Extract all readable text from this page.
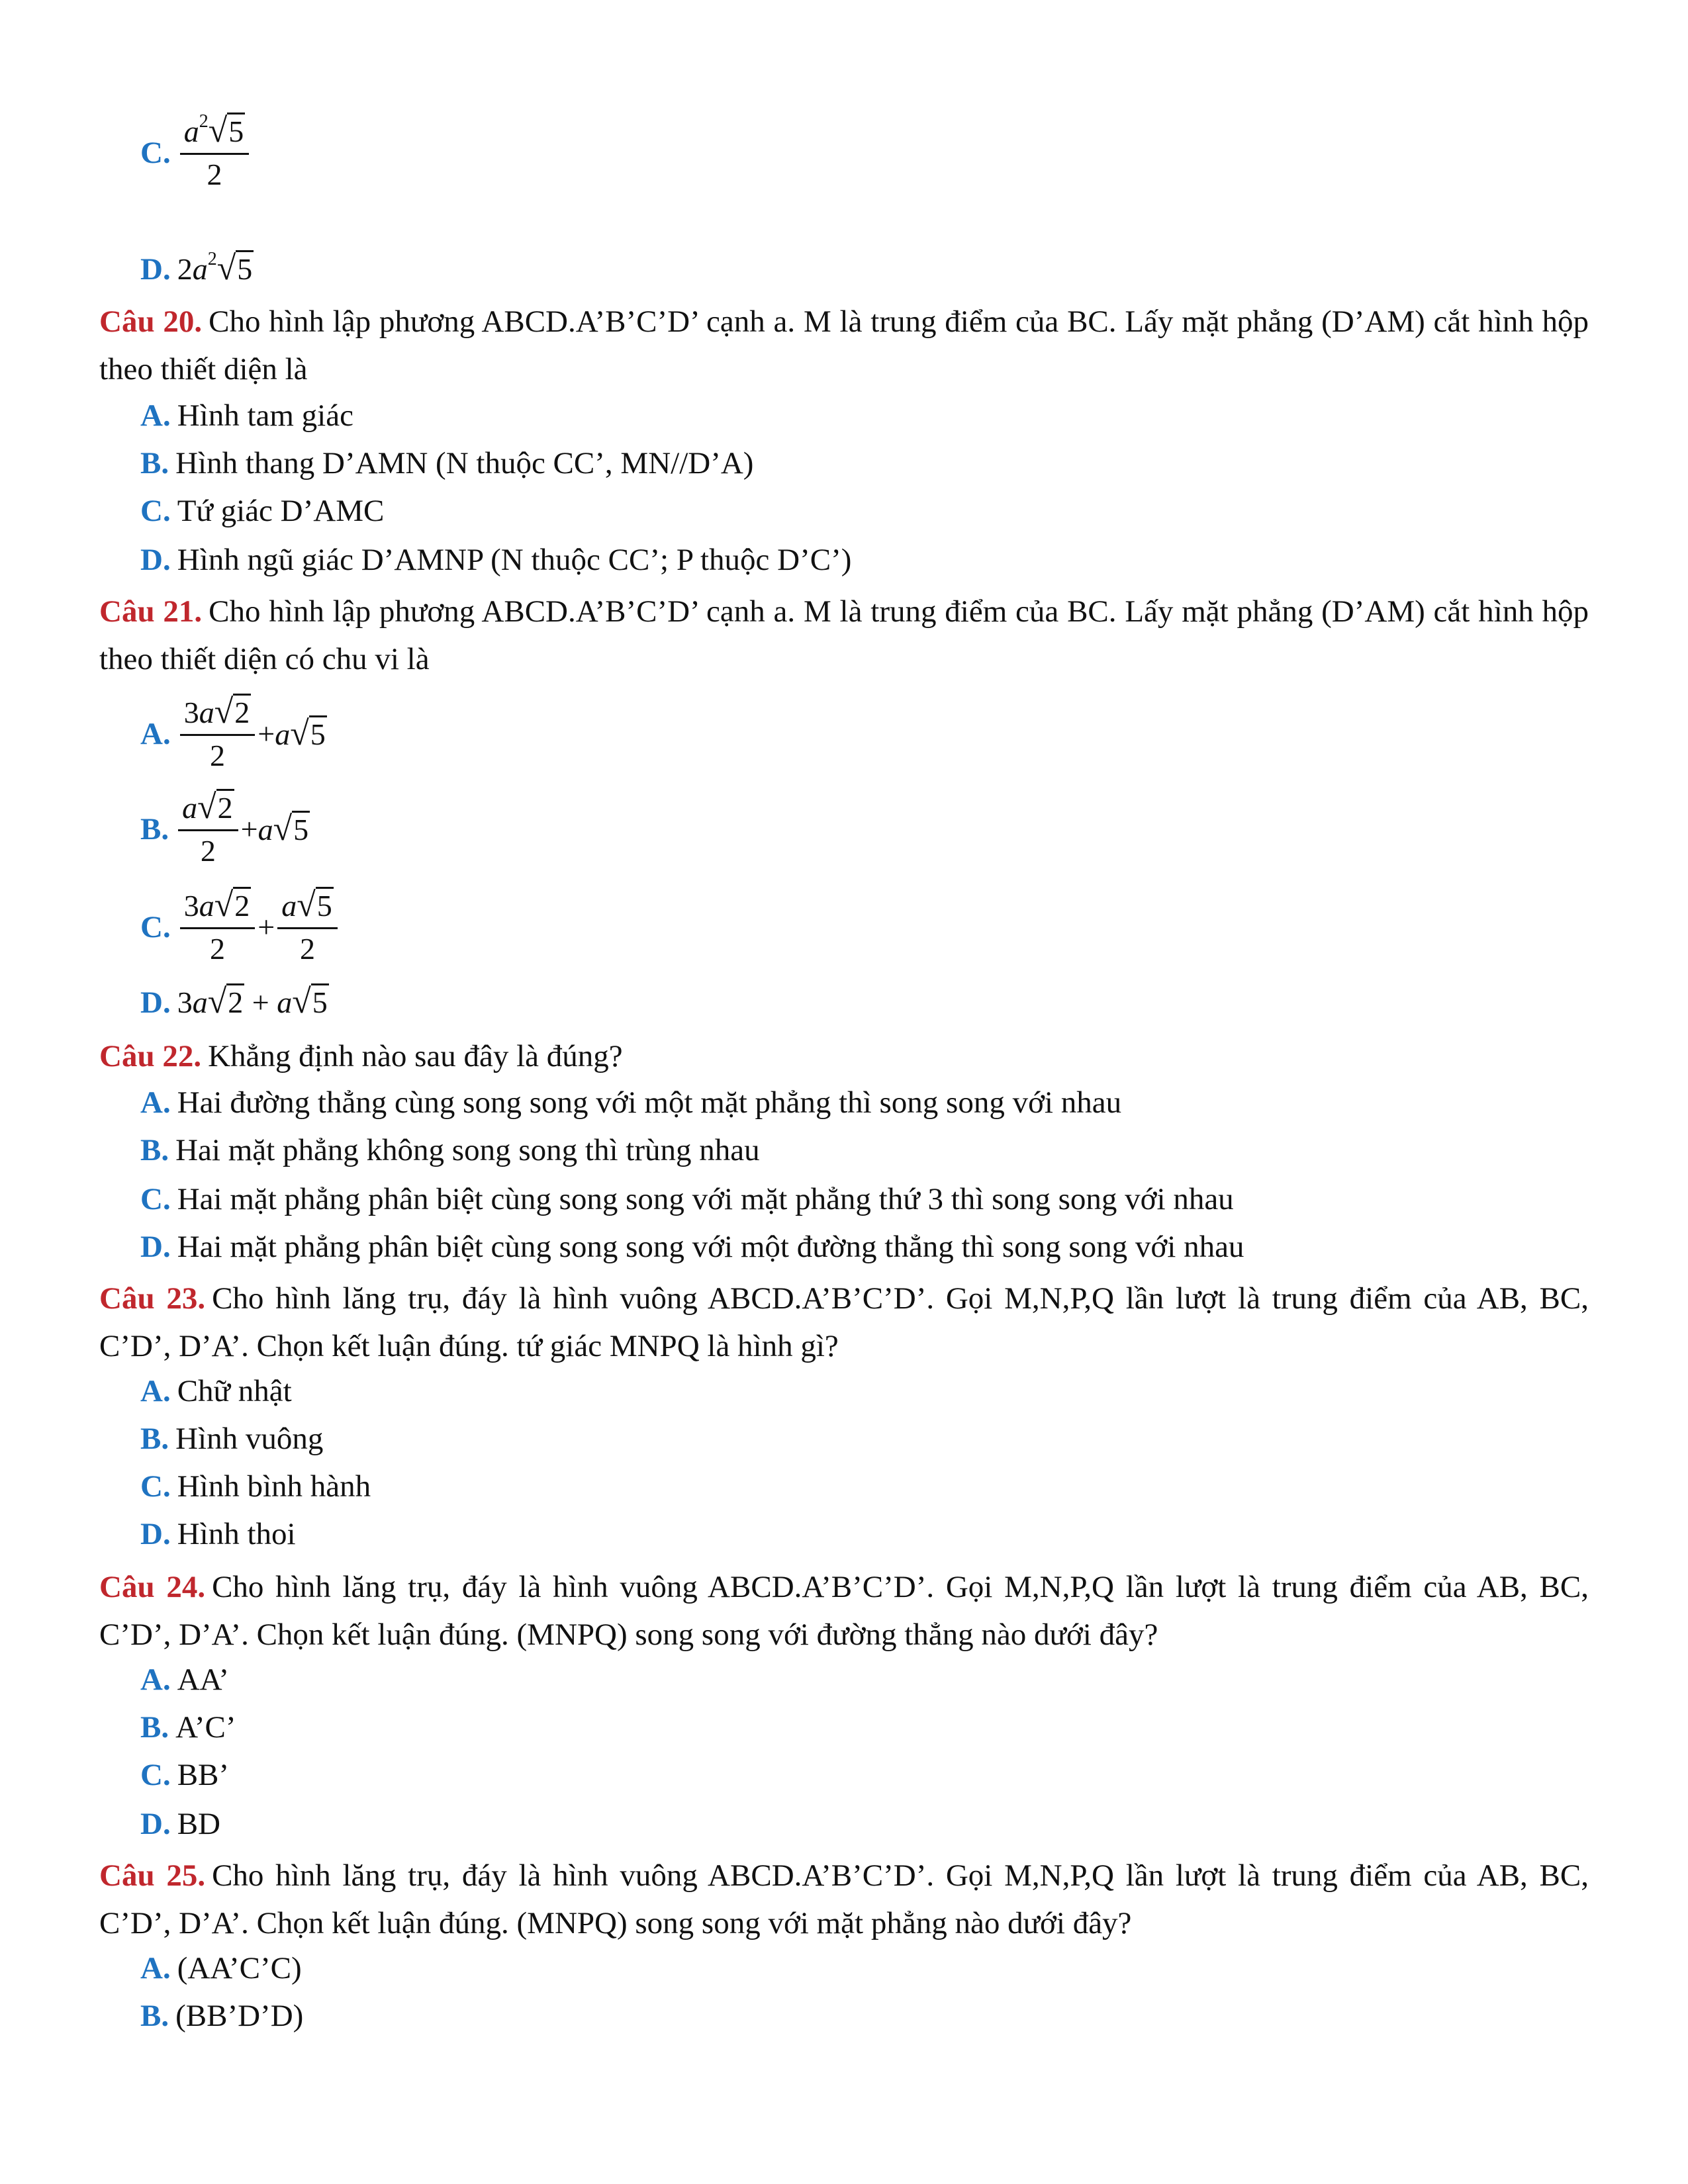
C. $\frac{a^2√5}{2}$
D. $2a^2√5$
Câu 20. Cho hình lập phương ABCD.A’B’C’D’ cạnh a. M là trung điểm của BC. Lấy mặt phẳng (D’AM) cắt hình hộp theo thiết diện là
A. Hình tam giác
B. Hình thang D’AMN (N thuộc CC’, MN//D’A)
C. Tứ giác D’AMC
D. Hình ngũ giác D’AMNP (N thuộc CC’; P thuộc D’C’)
Câu 21. Cho hình lập phương ABCD.A’B’C’D’ cạnh a. M là trung điểm của BC. Lấy mặt phẳng (D’AM) cắt hình hộp theo thiết diện có chu vi là
A. $\frac{3a√2}{2} + a√5$
B. $\frac{a√2}{2} + a√5$
C. $\frac{3a√2}{2} + \frac{a√5}{2}$
D. 3a√2 + a√5
Câu 22. Khẳng định nào sau đây là đúng?
A. Hai đường thẳng cùng song song với một mặt phẳng thì song song với nhau
B. Hai mặt phẳng không song song thì trùng nhau
C. Hai mặt phẳng phân biệt cùng song song với mặt phẳng thứ 3 thì song song với nhau
D. Hai mặt phẳng phân biệt cùng song song với một đường thẳng thì song song với nhau
Câu 23. Cho hình lăng trụ, đáy là hình vuông ABCD.A’B’C’D’. Gọi M,N,P,Q lần lượt là trung điểm của AB, BC, C’D’, D’A’. Chọn kết luận đúng. tứ giác MNPQ là hình gì?
A. Chữ nhật
B. Hình vuông
C. Hình bình hành
D. Hình thoi
Câu 24. Cho hình lăng trụ, đáy là hình vuông ABCD.A’B’C’D’. Gọi M,N,P,Q lần lượt là trung điểm của AB, BC, C’D’, D’A’. Chọn kết luận đúng. (MNPQ) song song với đường thẳng nào dưới đây?
A. AA’
B. A’C’
C. BB’
D. BD
Câu 25. Cho hình lăng trụ, đáy là hình vuông ABCD.A’B’C’D’. Gọi M,N,P,Q lần lượt là trung điểm của AB, BC, C’D’, D’A’. Chọn kết luận đúng. (MNPQ) song song với mặt phẳng nào dưới đây?
A. (AA’C’C)
B. (BB’D’D)
